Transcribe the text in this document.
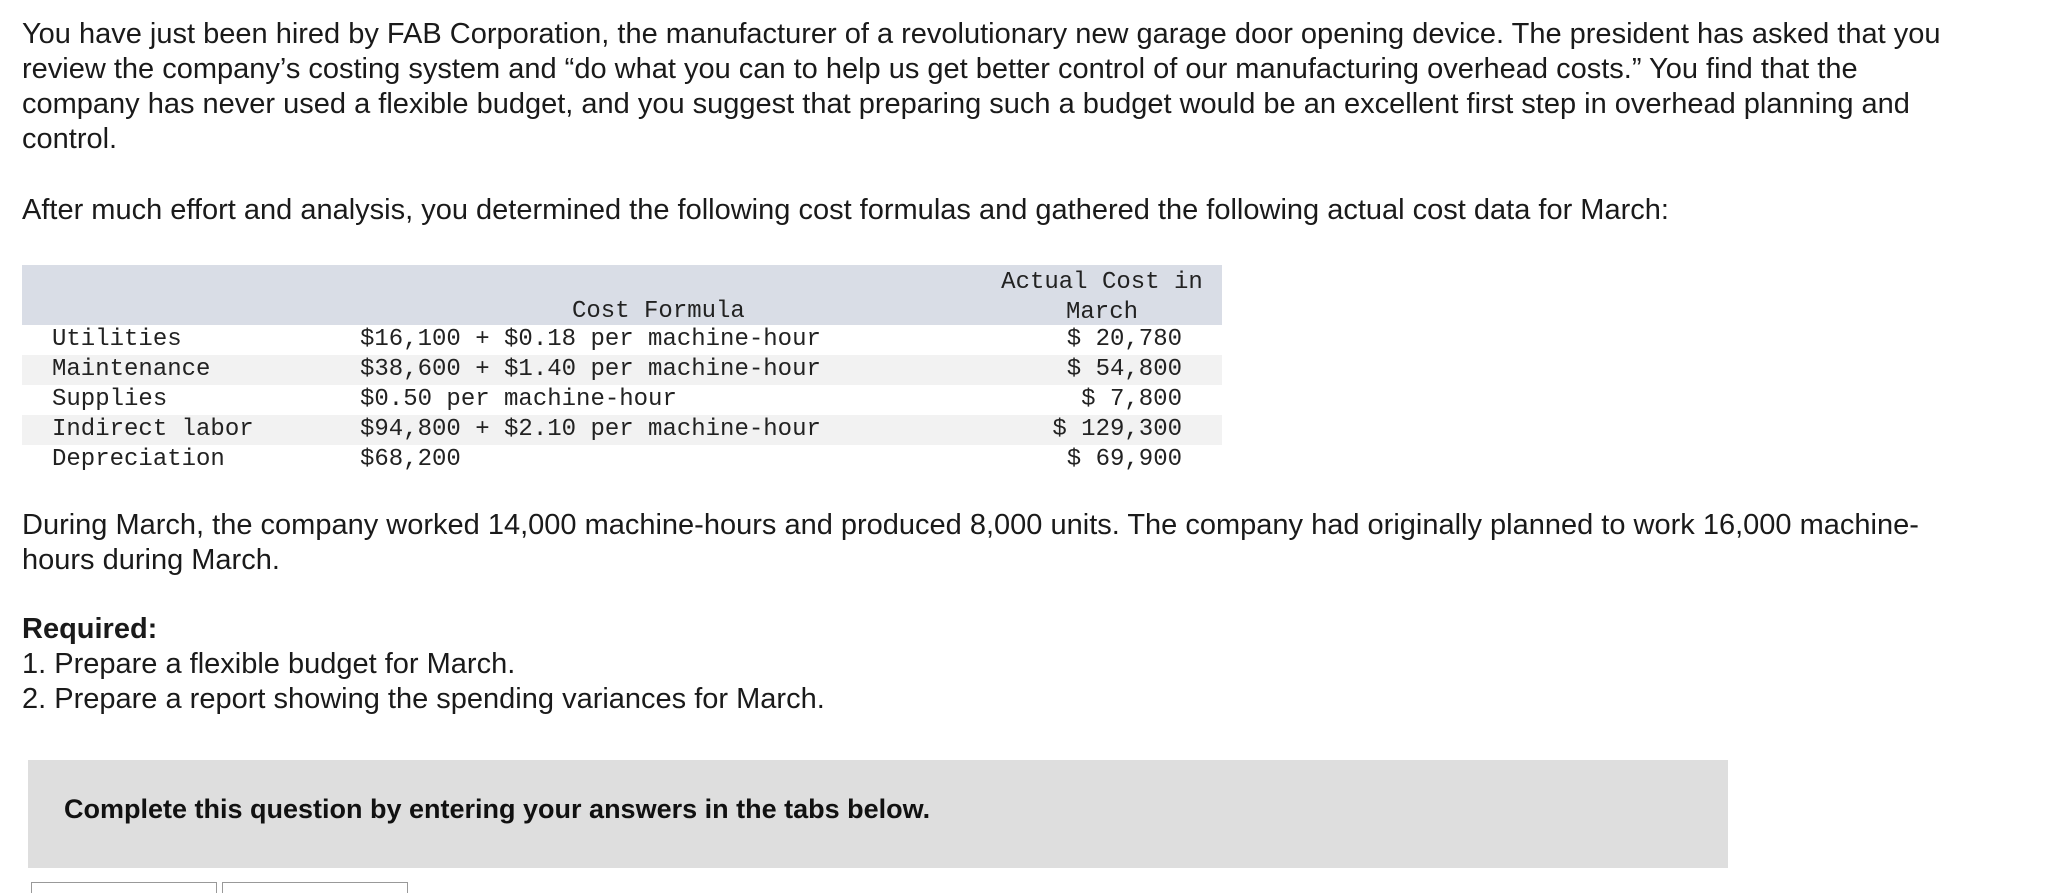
You have just been hired by FAB Corporation, the manufacturer of a revolutionary new garage door opening device. The president has asked that you review the company’s costing system and “do what you can to help us get better control of our manufacturing overhead costs.” You find that the company has never used a flexible budget, and you suggest that preparing such a budget would be an excellent first step in overhead planning and control.

After much effort and analysis, you determined the following cost formulas and gathered the following actual cost data for March:

Cost Formula
Actual Cost in
March
Utilities	$16,100 + $0.18 per machine-hour	$ 20,780
Maintenance	$38,600 + $1.40 per machine-hour	$ 54,800
Supplies	$0.50 per machine-hour	$ 7,800
Indirect labor	$94,800 + $2.10 per machine-hour	$ 129,300
Depreciation	$68,200	$ 69,900

During March, the company worked 14,000 machine-hours and produced 8,000 units. The company had originally planned to work 16,000 machine-hours during March.

Required:
1. Prepare a flexible budget for March.
2. Prepare a report showing the spending variances for March.
Complete this question by entering your answers in the tabs below.
